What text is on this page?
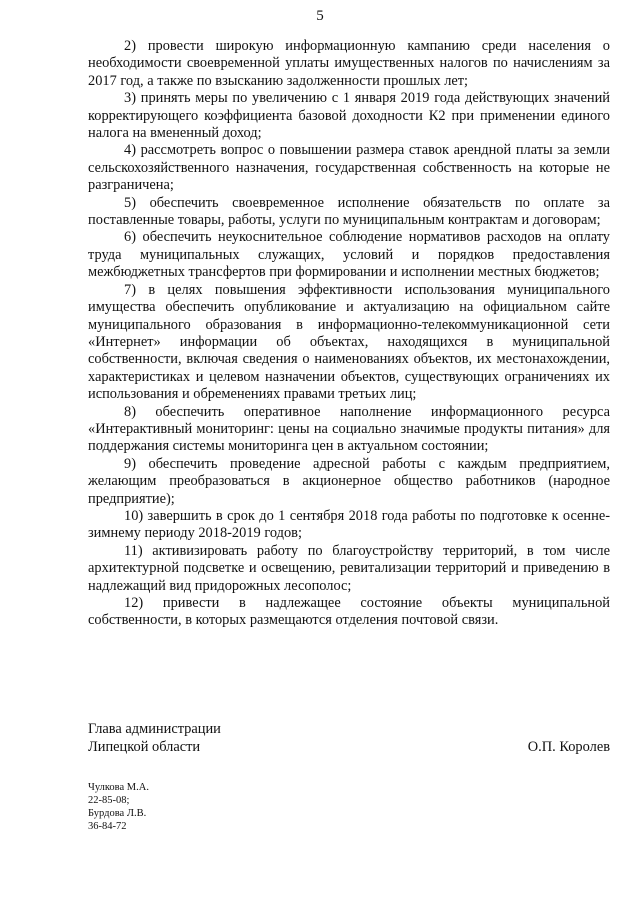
5

2) провести широкую информационную кампанию среди населения о необходимости своевременной уплаты имущественных налогов по начислениям за 2017 год, а также по взысканию задолженности прошлых лет;

3) принять меры по увеличению с 1 января 2019 года действующих значений корректирующего коэффициента базовой доходности К2 при применении единого налога на вмененный доход;

4) рассмотреть вопрос о повышении размера ставок арендной платы за земли сельскохозяйственного назначения, государственная собственность на которые не разграничена;

5) обеспечить своевременное исполнение обязательств по оплате за поставленные товары, работы, услуги по муниципальным контрактам и договорам;

6) обеспечить неукоснительное соблюдение нормативов расходов на оплату труда муниципальных служащих, условий и порядков предоставления межбюджетных трансфертов при формировании и исполнении местных бюджетов;

7) в целях повышения эффективности использования муниципального имущества обеспечить опубликование и актуализацию на официальном сайте муниципального образования в информационно-телекоммуникационной сети «Интернет» информации об объектах, находящихся в муниципальной собственности, включая сведения о наименованиях объектов, их местонахождении, характеристиках и целевом назначении объектов, существующих ограничениях их использования и обременениях правами третьих лиц;

8) обеспечить оперативное наполнение информационного ресурса «Интерактивный мониторинг: цены на социально значимые продукты питания» для поддержания системы мониторинга цен в актуальном состоянии;

9) обеспечить проведение адресной работы с каждым предприятием, желающим преобразоваться в акционерное общество работников (народное предприятие);

10) завершить в срок до 1 сентября 2018 года работы по подготовке к осенне-зимнему периоду 2018-2019 годов;

11) активизировать работу по благоустройству территорий, в том числе архитектурной подсветке и освещению, ревитализации территорий и приведению в надлежащий вид придорожных лесополос;

12) привести в надлежащее состояние объекты муниципальной собственности, в которых размещаются отделения почтовой связи.

Глава администрации
Липецкой области	О.П. Королев
Чулкова М.А.
22-85-08;
Бурдова Л.В.
36-84-72
